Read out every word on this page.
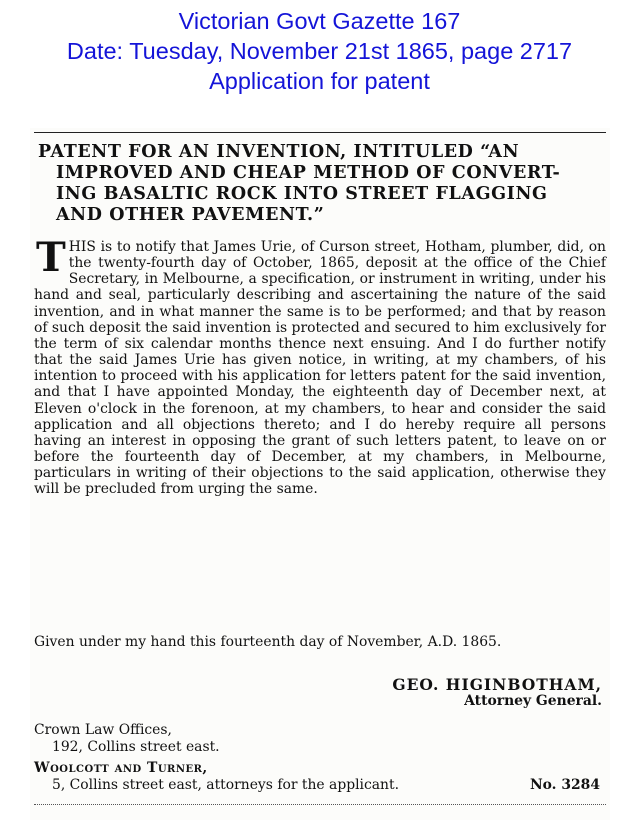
Victorian Govt Gazette 167
Date: Tuesday, November 21st 1865, page 2717
Application for patent
PATENT FOR AN INVENTION, INTITULED “AN
IMPROVED AND CHEAP METHOD OF CONVERT-
ING BASALTIC ROCK INTO STREET FLAGGING
AND OTHER PAVEMENT.”
T HIS is to notify that James Urie, of Curson street, Hotham, plumber, did, on the twenty-fourth day of October, 1865, deposit at the office of the Chief Secretary, in Melbourne, a specification, or instrument in writing, under his hand and seal, particularly describing and ascertaining the nature of the said invention, and in what manner the same is to be performed; and that by reason of such deposit the said invention is protected and secured to him exclusively for the term of six calendar months thence next ensuing. And I do further notify that the said James Urie has given notice, in writing, at my chambers, of his intention to proceed with his application for letters patent for the said invention, and that I have appointed Monday, the eighteenth day of December next, at Eleven o'clock in the forenoon, at my chambers, to hear and consider the said application and all objections thereto; and I do hereby require all persons having an interest in opposing the grant of such letters patent, to leave on or before the fourteenth day of December, at my chambers, in Melbourne, particulars in writing of their objections to the said application, otherwise they will be precluded from urging the same.

Given under my hand this fourteenth day of November, A.D. 1865.
GEO. HIGINBOTHAM,
Attorney General.
Crown Law Offices,
192, Collins street east.
Woolcott and Turner,
5, Collins street east, attorneys for the applicant.	No. 3284
